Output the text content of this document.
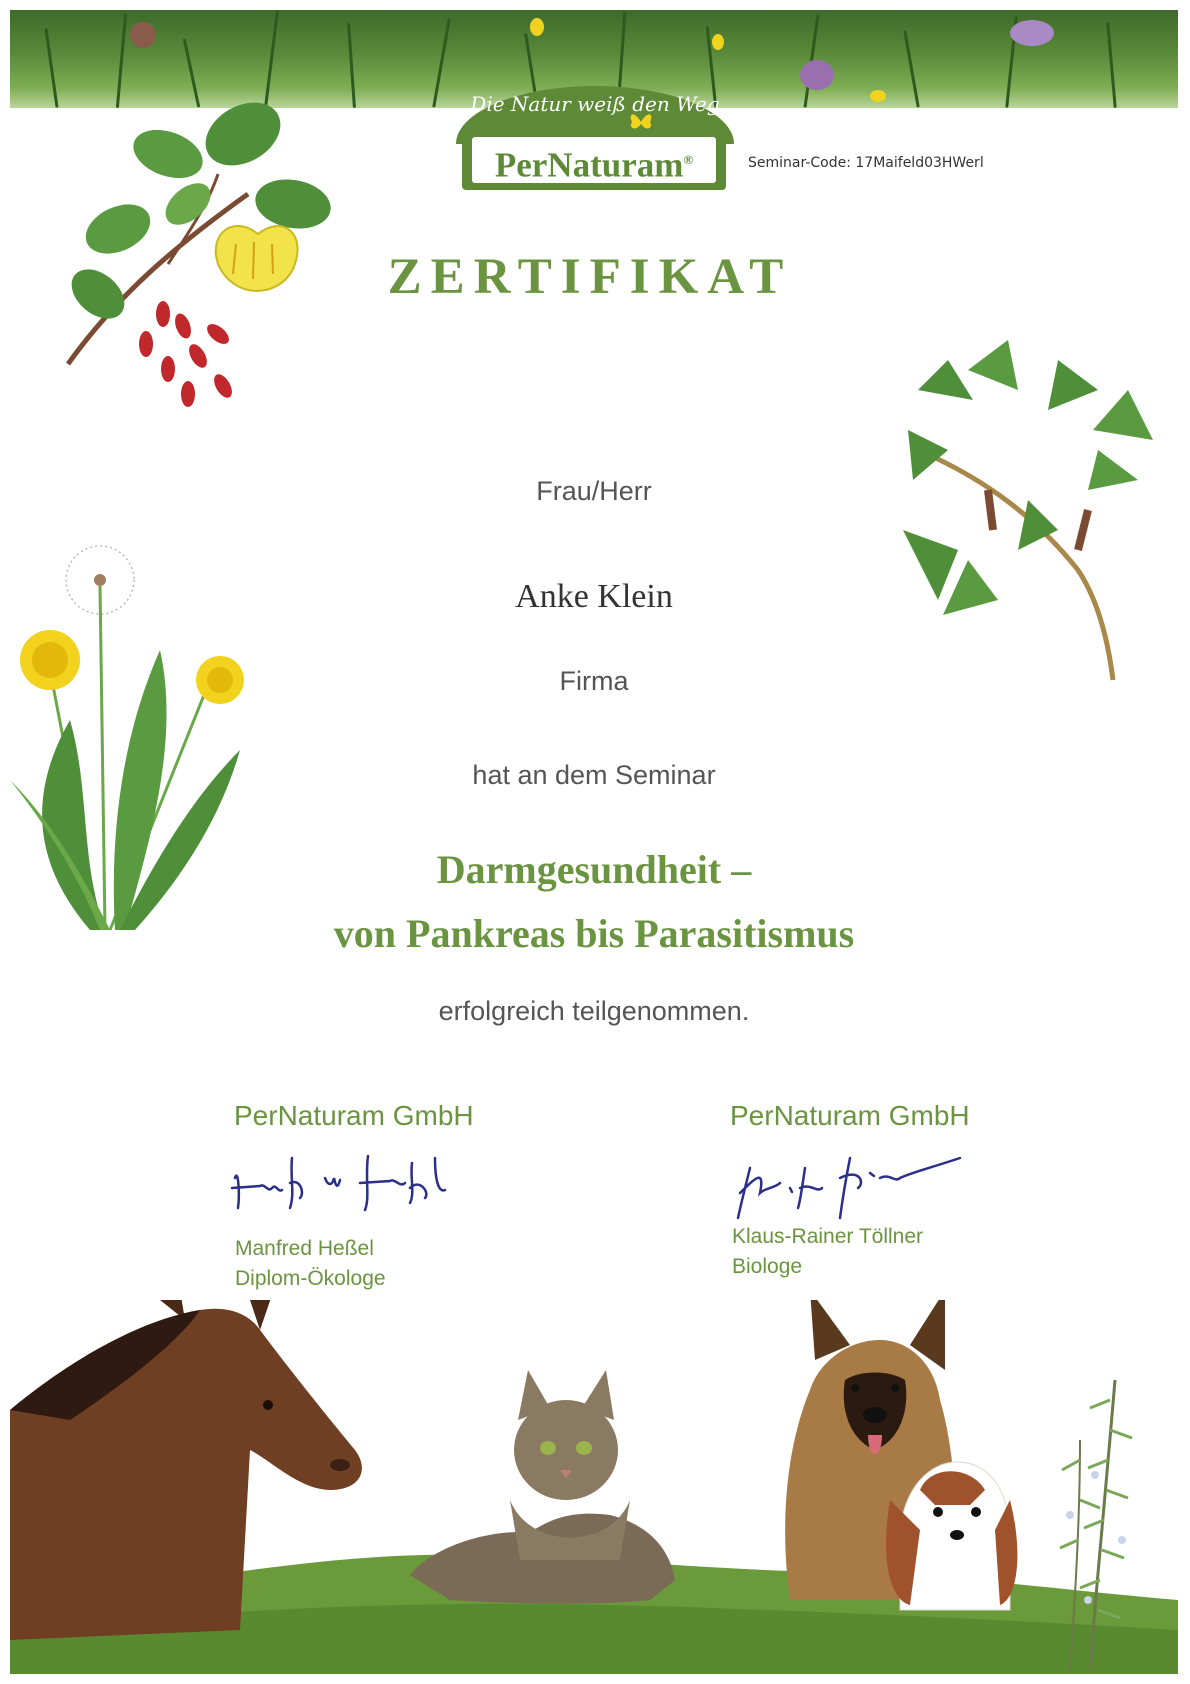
Die Natur weiß den Weg
PerNaturam®	Seminar-Code: 17Maifeld03HWerl
ZERTIFIKAT
Frau/Herr
Anke Klein
Firma
hat an dem Seminar
Darmgesundheit –
von Pankreas bis Parasitismus
erfolgreich teilgenommen.
PerNaturam GmbH
Manfred Heßel
Diplom-Ökologe
PerNaturam GmbH
Klaus-Rainer Töllner
Biologe
